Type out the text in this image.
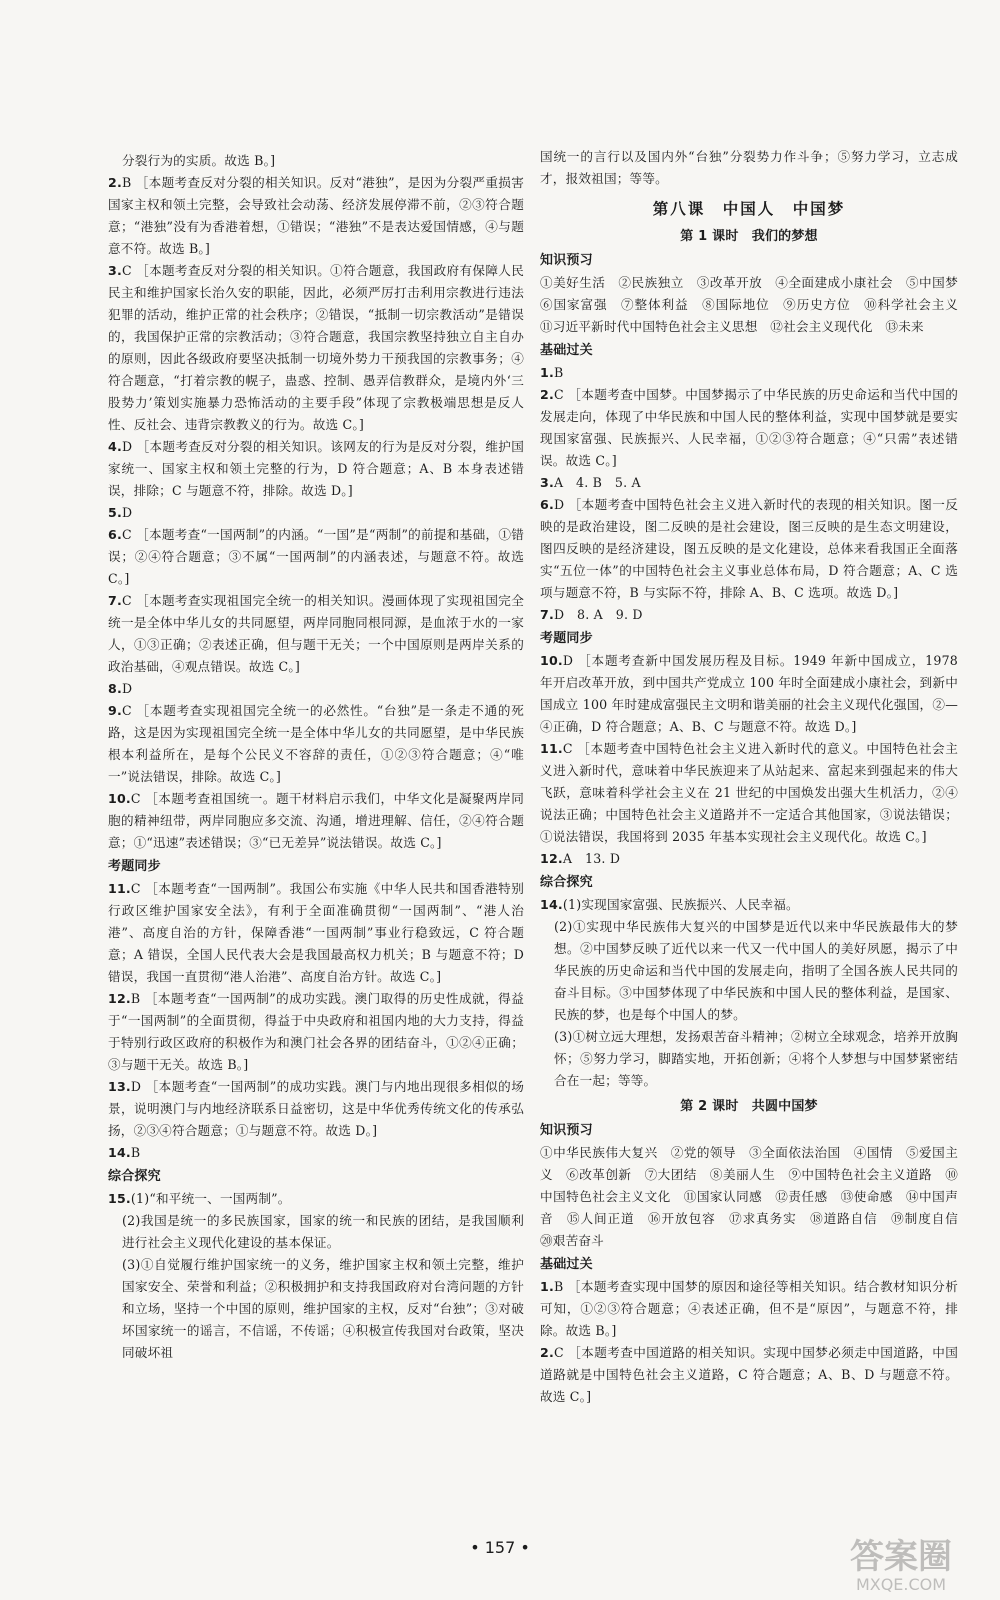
分裂行为的实质。故选 B。]

2.B ［本题考查反对分裂的相关知识。反对“港独”，是因为分裂严重损害国家主权和领土完整，会导致社会动荡、经济发展停滞不前，②③符合题意；“港独”没有为香港着想，①错误；“港独”不是表达爱国情感，④与题意不符。故选 B。]

3.C ［本题考查反对分裂的相关知识。①符合题意，我国政府有保障人民民主和维护国家长治久安的职能，因此，必须严厉打击利用宗教进行违法犯罪的活动，维护正常的社会秩序；②错误，“抵制一切宗教活动”是错误的，我国保护正常的宗教活动；③符合题意，我国宗教坚持独立自主自办的原则，因此各级政府要坚决抵制一切境外势力干预我国的宗教事务；④符合题意，“打着宗教的幌子，蛊惑、控制、愚弄信教群众，是境内外‘三股势力’策划实施暴力恐怖活动的主要手段”体现了宗教极端思想是反人性、反社会、违背宗教教义的行为。故选 C。]

4.D ［本题考查反对分裂的相关知识。该网友的行为是反对分裂，维护国家统一、国家主权和领土完整的行为，D 符合题意；A、B 本身表述错误，排除；C 与题意不符，排除。故选 D。]

5.D

6.C ［本题考查“一国两制”的内涵。“一国”是“两制”的前提和基础，①错误；②④符合题意；③不属“一国两制”的内涵表述，与题意不符。故选 C。]

7.C ［本题考查实现祖国完全统一的相关知识。漫画体现了实现祖国完全统一是全体中华儿女的共同愿望，两岸同胞同根同源，是血浓于水的一家人，①③正确；②表述正确，但与题干无关；一个中国原则是两岸关系的政治基础，④观点错误。故选 C。]

8.D

9.C ［本题考查实现祖国完全统一的必然性。“台独”是一条走不通的死路，这是因为实现祖国完全统一是全体中华儿女的共同愿望，是中华民族根本利益所在，是每个公民义不容辞的责任，①②③符合题意；④“唯一”说法错误，排除。故选 C。]

10.C ［本题考查祖国统一。题干材料启示我们，中华文化是凝聚两岸同胞的精神纽带，两岸同胞应多交流、沟通，增进理解、信任，②④符合题意；①“迅速”表述错误；③“已无差异”说法错误。故选 C。]

考题同步

11.C ［本题考查“一国两制”。我国公布实施《中华人民共和国香港特别行政区维护国家安全法》，有利于全面准确贯彻“一国两制”、“港人治港”、高度自治的方针，保障香港“一国两制”事业行稳致远，C 符合题意；A 错误，全国人民代表大会是我国最高权力机关；B 与题意不符；D 错误，我国一直贯彻“港人治港”、高度自治方针。故选 C。]

12.B ［本题考查“一国两制”的成功实践。澳门取得的历史性成就，得益于“一国两制”的全面贯彻，得益于中央政府和祖国内地的大力支持，得益于特别行政区政府的积极作为和澳门社会各界的团结奋斗，①②④正确；③与题干无关。故选 B。]

13.D ［本题考查“一国两制”的成功实践。澳门与内地出现很多相似的场景，说明澳门与内地经济联系日益密切，这是中华优秀传统文化的传承弘扬，②③④符合题意；①与题意不符。故选 D。]

14.B

综合探究

15.(1)“和平统一、一国两制”。

(2)我国是统一的多民族国家，国家的统一和民族的团结，是我国顺利进行社会主义现代化建设的基本保证。

(3)①自觉履行维护国家统一的义务，维护国家主权和领土完整，维护国家安全、荣誉和利益；②积极拥护和支持我国政府对台湾问题的方针和立场，坚持一个中国的原则，维护国家的主权，反对“台独”；③对破坏国家统一的谣言，不信谣，不传谣；④积极宣传我国对台政策，坚决同破坏祖

国统一的言行以及国内外“台独”分裂势力作斗争；⑤努力学习，立志成才，报效祖国；等等。

第八课　中国人　中国梦
第 1 课时　我们的梦想
知识预习

①美好生活　②民族独立　③改革开放　④全面建成小康社会　⑤中国梦　⑥国家富强　⑦整体利益　⑧国际地位　⑨历史方位　⑩科学社会主义　⑪习近平新时代中国特色社会主义思想　⑫社会主义现代化　⑬未来

基础过关

1.B

2.C ［本题考查中国梦。中国梦揭示了中华民族的历史命运和当代中国的发展走向，体现了中华民族和中国人民的整体利益，实现中国梦就是要实现国家富强、民族振兴、人民幸福，①②③符合题意；④“只需”表述错误。故选 C。]

3.A　4. B　5. A

6.D ［本题考查中国特色社会主义进入新时代的表现的相关知识。图一反映的是政治建设，图二反映的是社会建设，图三反映的是生态文明建设，图四反映的是经济建设，图五反映的是文化建设，总体来看我国正全面落实“五位一体”的中国特色社会主义事业总体布局，D 符合题意；A、C 选项与题意不符，B 与实际不符，排除 A、B、C 选项。故选 D。]

7.D　8. A　9. D

考题同步

10.D ［本题考查新中国发展历程及目标。1949 年新中国成立，1978 年开启改革开放，到中国共产党成立 100 年时全面建成小康社会，到新中国成立 100 年时建成富强民主文明和谐美丽的社会主义现代化强国，②—④正确，D 符合题意；A、B、C 与题意不符。故选 D。]

11.C ［本题考查中国特色社会主义进入新时代的意义。中国特色社会主义进入新时代，意味着中华民族迎来了从站起来、富起来到强起来的伟大飞跃，意味着科学社会主义在 21 世纪的中国焕发出强大生机活力，②④说法正确；中国特色社会主义道路并不一定适合其他国家，③说法错误；①说法错误，我国将到 2035 年基本实现社会主义现代化。故选 C。]

12.A　13. D

综合探究

14.(1)实现国家富强、民族振兴、人民幸福。

(2)①实现中华民族伟大复兴的中国梦是近代以来中华民族最伟大的梦想。②中国梦反映了近代以来一代又一代中国人的美好夙愿，揭示了中华民族的历史命运和当代中国的发展走向，指明了全国各族人民共同的奋斗目标。③中国梦体现了中华民族和中国人民的整体利益，是国家、民族的梦，也是每个中国人的梦。

(3)①树立远大理想，发扬艰苦奋斗精神；②树立全球观念，培养开放胸怀；⑤努力学习，脚踏实地，开拓创新；④将个人梦想与中国梦紧密结合在一起；等等。

第 2 课时　共圆中国梦
知识预习

①中华民族伟大复兴　②党的领导　③全面依法治国　④国情　⑤爱国主义　⑥改革创新　⑦大团结　⑧美丽人生　⑨中国特色社会主义道路　⑩中国特色社会主义文化　⑪国家认同感　⑫责任感　⑬使命感　⑭中国声音　⑮人间正道　⑯开放包容　⑰求真务实　⑱道路自信　⑲制度自信　⑳艰苦奋斗

基础过关

1.B ［本题考查实现中国梦的原因和途径等相关知识。结合教材知识分析可知，①②③符合题意；④表述正确，但不是“原因”，与题意不符，排除。故选 B。]

2.C ［本题考查中国道路的相关知识。实现中国梦必须走中国道路，中国道路就是中国特色社会主义道路，C 符合题意；A、B、D 与题意不符。故选 C。]

• 157 •	答案圈
MXQE.COM
